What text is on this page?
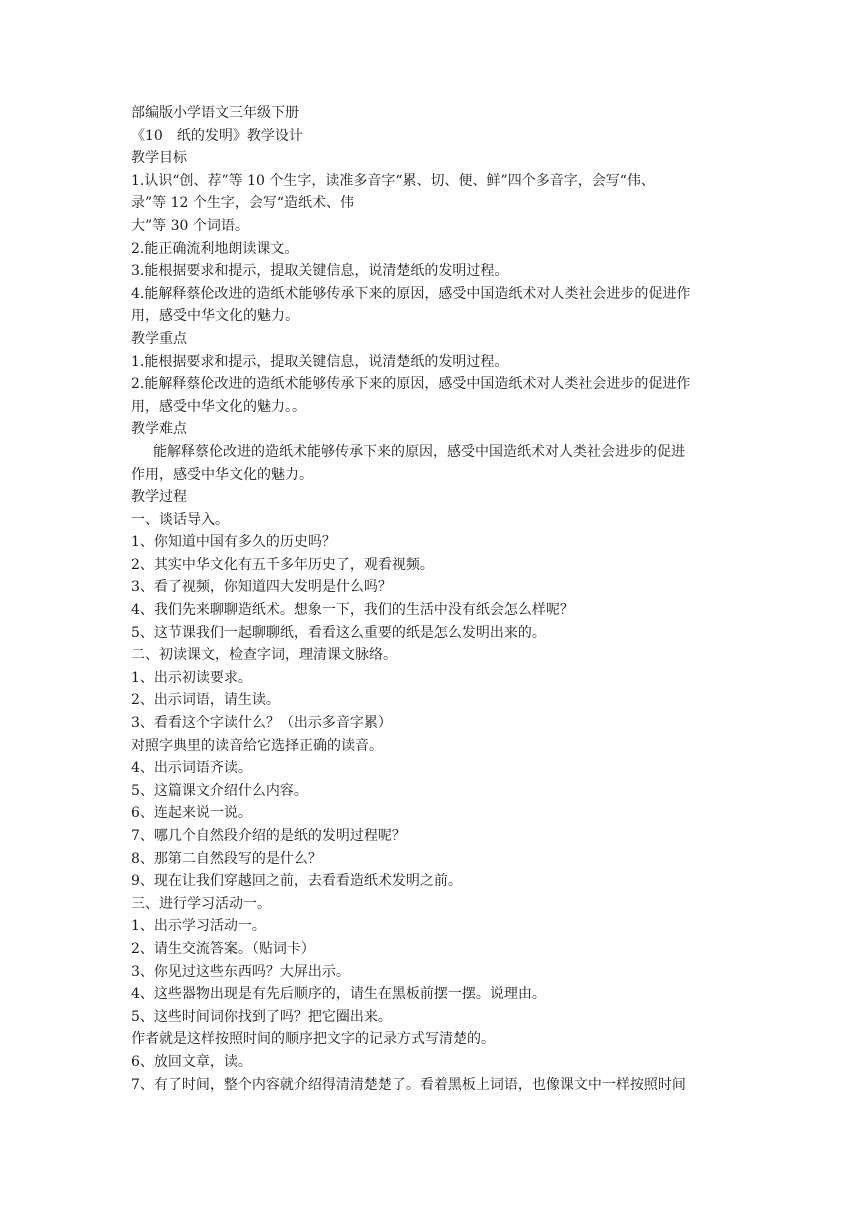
部编版小学语文三年级下册
《10　纸的发明》教学设计
教学目标
1.认识“创、荐”等 10 个生字，读准多音字“累、切、便、鲜”四个多音字，会写“伟、
录”等 12 个生字，会写“造纸术、伟
大”等 30 个词语。
2.能正确流利地朗读课文。
3.能根据要求和提示，提取关键信息，说清楚纸的发明过程。
4.能解释蔡伦改进的造纸术能够传承下来的原因，感受中国造纸术对人类社会进步的促进作
用，感受中华文化的魅力。
教学重点
1.能根据要求和提示，提取关键信息，说清楚纸的发明过程。
2.能解释蔡伦改进的造纸术能够传承下来的原因，感受中国造纸术对人类社会进步的促进作
用，感受中华文化的魅力。。
教学难点
能解释蔡伦改进的造纸术能够传承下来的原因，感受中国造纸术对人类社会进步的促进
作用，感受中华文化的魅力。
教学过程
一、谈话导入。
1、你知道中国有多久的历史吗？
2、其实中华文化有五千多年历史了，观看视频。
3、看了视频，你知道四大发明是什么吗？
4、我们先来聊聊造纸术。想象一下，我们的生活中没有纸会怎么样呢？
5、这节课我们一起聊聊纸，看看这么重要的纸是怎么发明出来的。
二、初读课文，检查字词，理清课文脉络。
1、出示初读要求。
2、出示词语，请生读。
3、看看这个字读什么？（出示多音字累）
对照字典里的读音给它选择正确的读音。
4、出示词语齐读。
5、这篇课文介绍什么内容。
6、连起来说一说。
7、哪几个自然段介绍的是纸的发明过程呢？
8、那第二自然段写的是什么？
9、现在让我们穿越回之前，去看看造纸术发明之前。
三、进行学习活动一。
1、出示学习活动一。
2、请生交流答案。（贴词卡）
3、你见过这些东西吗？大屏出示。
4、这些器物出现是有先后顺序的，请生在黑板前摆一摆。说理由。
5、这些时间词你找到了吗？把它圈出来。
作者就是这样按照时间的顺序把文字的记录方式写清楚的。
6、放回文章，读。
7、有了时间，整个内容就介绍得清清楚楚了。看着黑板上词语，也像课文中一样按照时间
